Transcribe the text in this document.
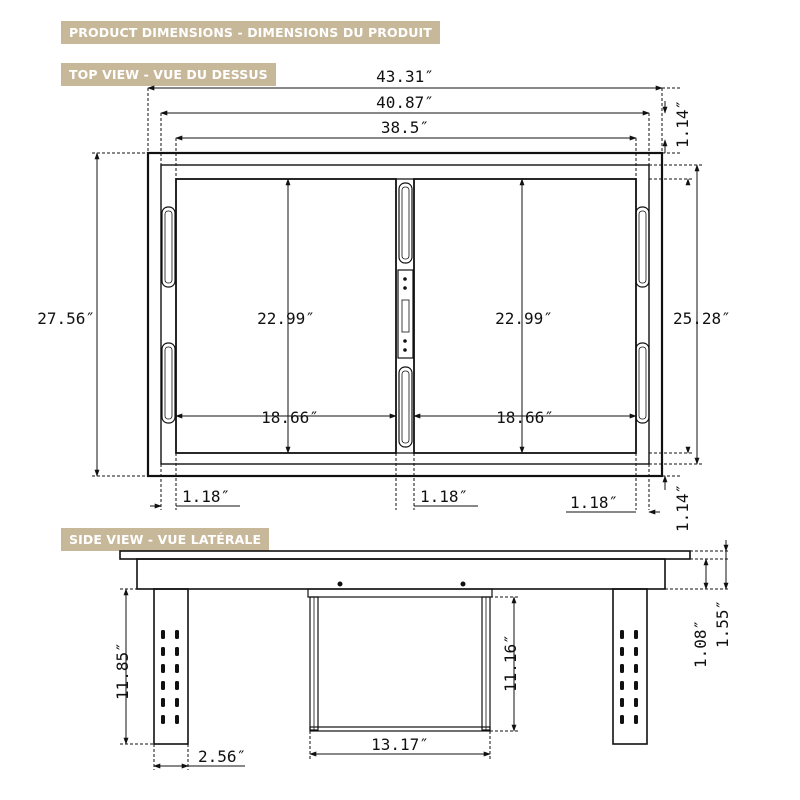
PRODUCT DIMENSIONS - DIMENSIONS DU PRODUIT
TOP VIEW - VUE DU DESSUS
SIDE VIEW - VUE LATÉRALE
43.31″
40.87″
38.5″
27.56″	25.28″
22.99″	22.99″
18.66″	18.66″
1.18″	1.18″	1.18″
1.14″
1.14″
11.85″
2.56″
11.16″
13.17″
1.08″ 1.55″
